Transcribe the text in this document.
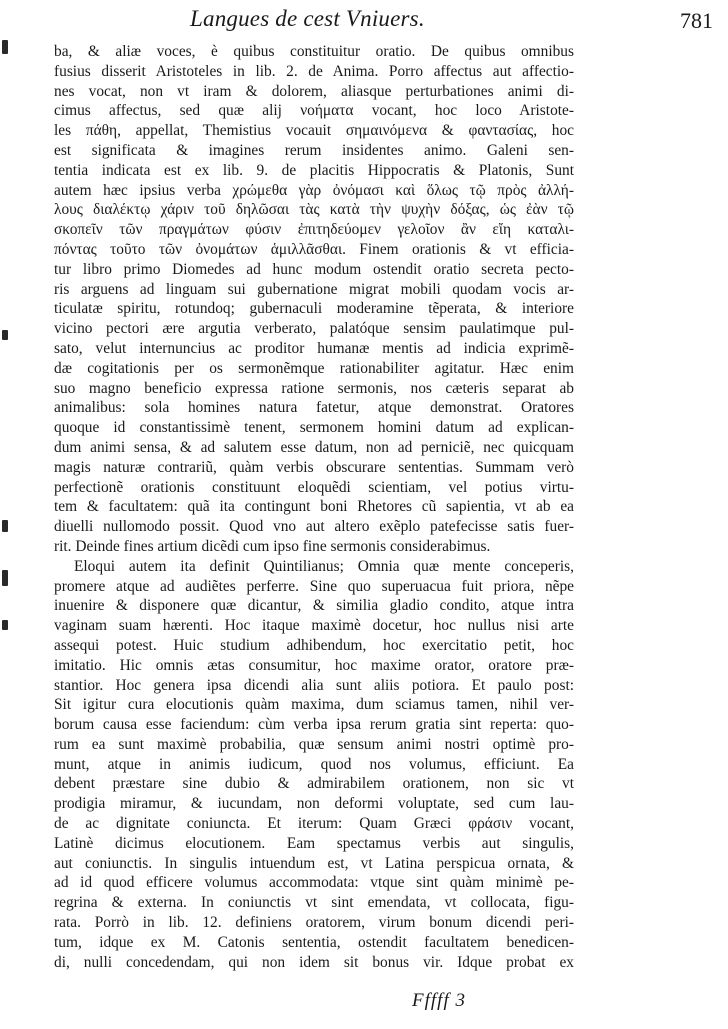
Langues de cest Vniuers.	781
ba, & aliæ voces, è quibus constituitur oratio. De quibus omnibus
fusius disserit Aristoteles in lib. 2. de Anima. Porro affectus aut affectio-
nes vocat, non vt iram & dolorem, aliasque perturbationes animi di-
cimus affectus, sed quæ alij νοήματα vocant, hoc loco Aristote-
les πάθη, appellat, Themistius vocauit σημαινόμενα & φαντασίας, hoc
est significata & imagines rerum insidentes animo. Galeni sen-
tentia indicata est ex lib. 9. de placitis Hippocratis & Platonis, Sunt
autem hæc ipsius verba χρώμεθα γὰρ ὀνόμασι καὶ ὅλως τῷ πρὸς ἀλλή-
λους διαλέκτῳ χάριν τοῦ δηλῶσαι τὰς κατὰ τὴν ψυχὴν δόξας, ὡς ἐὰν τῷ
σκοπεῖν τῶν πραγμάτων φύσιν ἐπιτηδεύομεν γελοῖον ἂν εἴη καταλι-
πόντας τοῦτο τῶν ὀνομάτων ἁμιλλᾶσθαι. Finem orationis & vt efficia-
tur libro primo Diomedes ad hunc modum ostendit oratio secreta pecto-
ris arguens ad linguam sui gubernatione migrat mobili quodam vocis ar-
ticulatæ spiritu, rotundoq; gubernaculi moderamine tẽperata, & interiore
vicino pectori ære argutia verberato, palatóque sensim paulatimque pul-
sato, velut internuncius ac proditor humanæ mentis ad indicia exprimẽ-
dæ cogitationis per os sermonẽmque rationabiliter agitatur. Hæc enim
suo magno beneficio expressa ratione sermonis, nos cæteris separat ab
animalibus: sola homines natura fatetur, atque demonstrat. Oratores
quoque id constantissimè tenent, sermonem homini datum ad explican-
dum animi sensa, & ad salutem esse datum, non ad perniciẽ, nec quicquam
magis naturæ contrariũ, quàm verbis obscurare sententias. Summam verò
perfectionẽ orationis constituunt eloquẽdi scientiam, vel potius virtu-
tem & facultatem: quã ita contingunt boni Rhetores cũ sapientia, vt ab ea
diuelli nullomodo possit. Quod vno aut altero exẽplo patefecisse satis fuer-
rit. Deinde fines artium dicẽdi cum ipso fine sermonis considerabimus.
Eloqui autem ita definit Quintilianus; Omnia quæ mente conceperis,
promere atque ad audiẽtes perferre. Sine quo superuacua fuit priora, nẽpe
inuenire & disponere quæ dicantur, & similia gladio condito, atque intra
vaginam suam hærenti. Hoc itaque maximè docetur, hoc nullus nisi arte
assequi potest. Huic studium adhibendum, hoc exercitatio petit, hoc
imitatio. Hic omnis ætas consumitur, hoc maxime orator, oratore præ-
stantior. Hoc genera ipsa dicendi alia sunt aliis potiora. Et paulo post:
Sit igitur cura elocutionis quàm maxima, dum sciamus tamen, nihil ver-
borum causa esse faciendum: cùm verba ipsa rerum gratia sint reperta: quo-
rum ea sunt maximè probabilia, quæ sensum animi nostri optimè pro-
munt, atque in animis iudicum, quod nos volumus, efficiunt. Ea
debent præstare sine dubio & admirabilem orationem, non sic vt
prodigia miramur, & iucundam, non deformi voluptate, sed cum lau-
de ac dignitate coniuncta. Et iterum: Quam Græci φράσιν vocant,
Latinè dicimus elocutionem. Eam spectamus verbis aut singulis,
aut coniunctis. In singulis intuendum est, vt Latina perspicua ornata, &
ad id quod efficere volumus accommodata: vtque sint quàm minimè pe-
regrina & externa. In coniunctis vt sint emendata, vt collocata, figu-
rata. Porrò in lib. 12. definiens oratorem, virum bonum dicendi peri-
tum, idque ex M. Catonis sententia, ostendit facultatem benedicen-
di, nulli concedendam, qui non idem sit bonus vir. Idque probat ex
Fffff 3
